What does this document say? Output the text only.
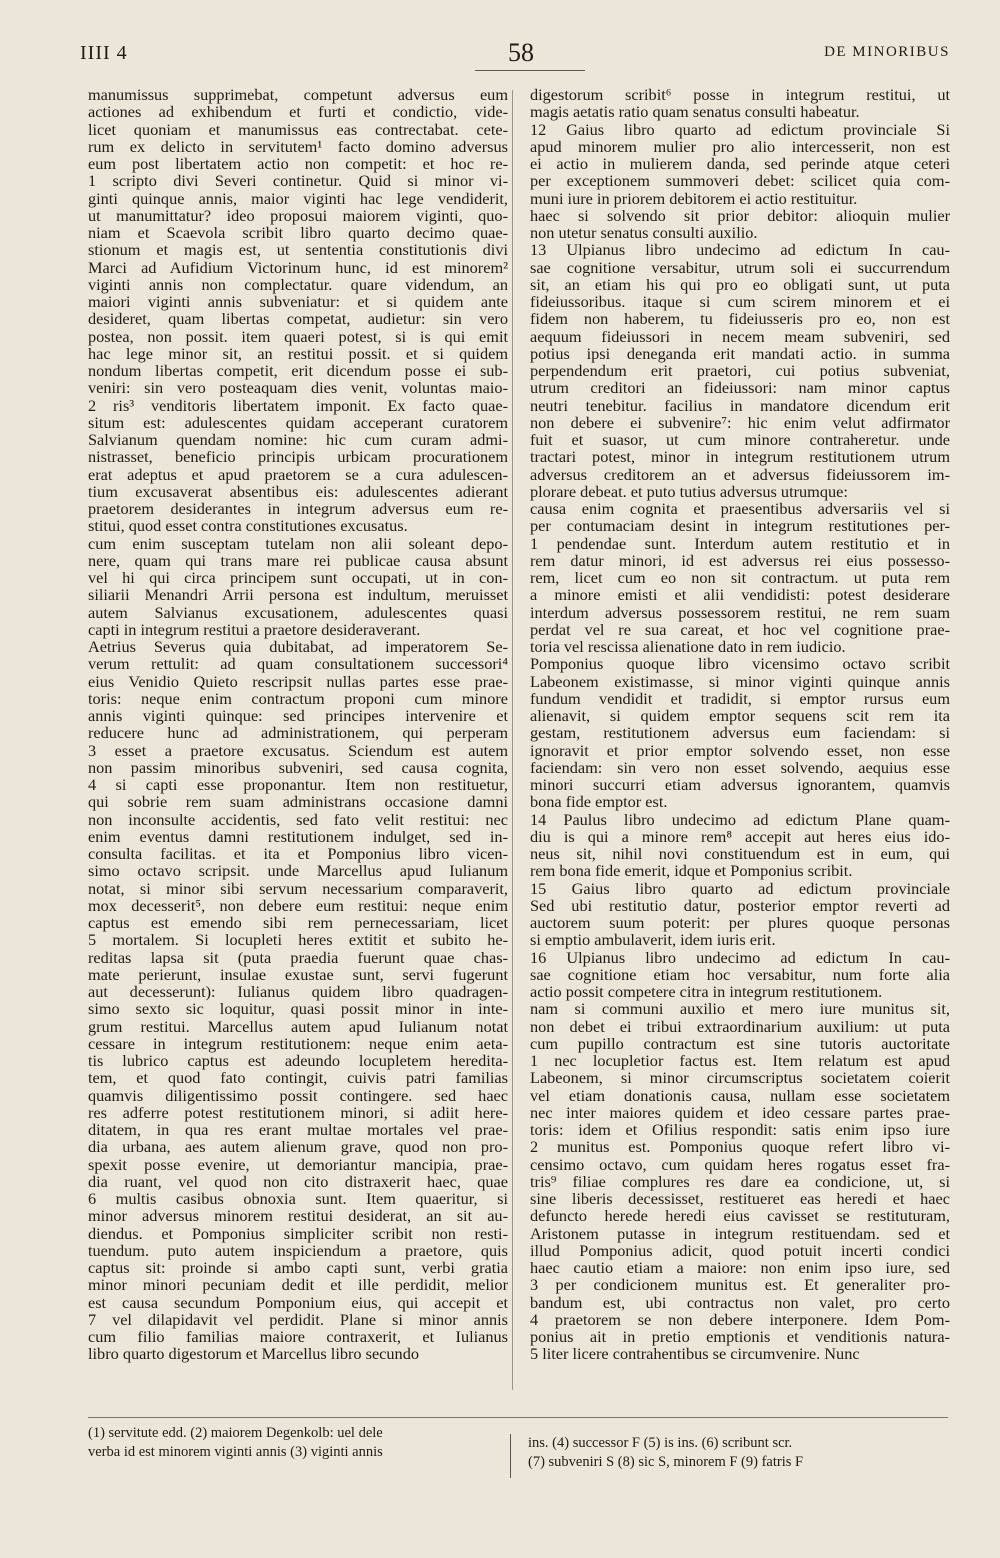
IIII 4	58	DE MINORIBUS
manumissus supprimebat, competunt adversus eum
actiones ad exhibendum et furti et condictio, vide-
licet quoniam et manumissus eas contrectabat. cete-
rum ex delicto in servitutem¹ facto domino adversus
eum post libertatem actio non competit: et hoc re-
1 scripto divi Severi continetur. Quid si minor vi-
ginti quinque annis, maior viginti hac lege vendiderit,
ut manumittatur? ideo proposui maiorem viginti, quo-
niam et Scaevola scribit libro quarto decimo quae-
stionum et magis est, ut sententia constitutionis divi
Marci ad Aufidium Victorinum hunc, id est minorem²
viginti annis non complectatur. quare videndum, an
maiori viginti annis subveniatur: et si quidem ante
desideret, quam libertas competat, audietur: sin vero
postea, non possit. item quaeri potest, si is qui emit
hac lege minor sit, an restitui possit. et si quidem
nondum libertas competit, erit dicendum posse ei sub-
veniri: sin vero posteaquam dies venit, voluntas maio-
2 ris³ venditoris libertatem imponit. Ex facto quae-
situm est: adulescentes quidam acceperant curatorem
Salvianum quendam nomine: hic cum curam admi-
nistrasset, beneficio principis urbicam procurationem
erat adeptus et apud praetorem se a cura adulescen-
tium excusaverat absentibus eis: adulescentes adierant
praetorem desiderantes in integrum adversus eum re-
stitui, quod esset contra constitutiones excusatus.
cum enim susceptam tutelam non alii soleant depo-
nere, quam qui trans mare rei publicae causa absunt
vel hi qui circa principem sunt occupati, ut in con-
siliarii Menandri Arrii persona est indultum, meruisset
autem Salvianus excusationem, adulescentes quasi
capti in integrum restitui a praetore desideraverant.
Aetrius Severus quia dubitabat, ad imperatorem Se-
verum rettulit: ad quam consultationem successori⁴
eius Venidio Quieto rescripsit nullas partes esse prae-
toris: neque enim contractum proponi cum minore
annis viginti quinque: sed principes intervenire et
reducere hunc ad administrationem, qui perperam
3 esset a praetore excusatus. Sciendum est autem
non passim minoribus subveniri, sed causa cognita,
4 si capti esse proponantur. Item non restituetur,
qui sobrie rem suam administrans occasione damni
non inconsulte accidentis, sed fato velit restitui: nec
enim eventus damni restitutionem indulget, sed in-
consulta facilitas. et ita et Pomponius libro vicen-
simo octavo scripsit. unde Marcellus apud Iulianum
notat, si minor sibi servum necessarium comparaverit,
mox decesserit⁵, non debere eum restitui: neque enim
captus est emendo sibi rem pernecessariam, licet
5 mortalem. Si locupleti heres extitit et subito he-
reditas lapsa sit (puta praedia fuerunt quae chas-
mate perierunt, insulae exustae sunt, servi fugerunt
aut decesserunt): Iulianus quidem libro quadragen-
simo sexto sic loquitur, quasi possit minor in inte-
grum restitui. Marcellus autem apud Iulianum notat
cessare in integrum restitutionem: neque enim aeta-
tis lubrico captus est adeundo locupletem heredita-
tem, et quod fato contingit, cuivis patri familias
quamvis diligentissimo possit contingere. sed haec
res adferre potest restitutionem minori, si adiit here-
ditatem, in qua res erant multae mortales vel prae-
dia urbana, aes autem alienum grave, quod non pro-
spexit posse evenire, ut demoriantur mancipia, prae-
dia ruant, vel quod non cito distraxerit haec, quae
6 multis casibus obnoxia sunt. Item quaeritur, si
minor adversus minorem restitui desiderat, an sit au-
diendus. et Pomponius simpliciter scribit non resti-
tuendum. puto autem inspiciendum a praetore, quis
captus sit: proinde si ambo capti sunt, verbi gratia
minor minori pecuniam dedit et ille perdidit, melior
est causa secundum Pomponium eius, qui accepit et
7 vel dilapidavit vel perdidit. Plane si minor annis
cum filio familias maiore contraxerit, et Iulianus
libro quarto digestorum et Marcellus libro secundo
digestorum scribit⁶ posse in integrum restitui, ut
magis aetatis ratio quam senatus consulti habeatur.
12 Gaius libro quarto ad edictum provinciale Si
apud minorem mulier pro alio intercesserit, non est
ei actio in mulierem danda, sed perinde atque ceteri
per exceptionem summoveri debet: scilicet quia com-
muni iure in priorem debitorem ei actio restituitur.
haec si solvendo sit prior debitor: alioquin mulier
non utetur senatus consulti auxilio.
13 Ulpianus libro undecimo ad edictum In cau-
sae cognitione versabitur, utrum soli ei succurrendum
sit, an etiam his qui pro eo obligati sunt, ut puta
fideiussoribus. itaque si cum scirem minorem et ei
fidem non haberem, tu fideiusseris pro eo, non est
aequum fideiussori in necem meam subveniri, sed
potius ipsi deneganda erit mandati actio. in summa
perpendendum erit praetori, cui potius subveniat,
utrum creditori an fideiussori: nam minor captus
neutri tenebitur. facilius in mandatore dicendum erit
non debere ei subvenire⁷: hic enim velut adfirmator
fuit et suasor, ut cum minore contraheretur. unde
tractari potest, minor in integrum restitutionem utrum
adversus creditorem an et adversus fideiussorem im-
plorare debeat. et puto tutius adversus utrumque:
causa enim cognita et praesentibus adversariis vel si
per contumaciam desint in integrum restitutiones per-
1 pendendae sunt. Interdum autem restitutio et in
rem datur minori, id est adversus rei eius possesso-
rem, licet cum eo non sit contractum. ut puta rem
a minore emisti et alii vendidisti: potest desiderare
interdum adversus possessorem restitui, ne rem suam
perdat vel re sua careat, et hoc vel cognitione prae-
toria vel rescissa alienatione dato in rem iudicio.
Pomponius quoque libro vicensimo octavo scribit
Labeonem existimasse, si minor viginti quinque annis
fundum vendidit et tradidit, si emptor rursus eum
alienavit, si quidem emptor sequens scit rem ita
gestam, restitutionem adversus eum faciendam: si
ignoravit et prior emptor solvendo esset, non esse
faciendam: sin vero non esset solvendo, aequius esse
minori succurri etiam adversus ignorantem, quamvis
bona fide emptor est.
14 Paulus libro undecimo ad edictum Plane quam-
diu is qui a minore rem⁸ accepit aut heres eius ido-
neus sit, nihil novi constituendum est in eum, qui
rem bona fide emerit, idque et Pomponius scribit.
15 Gaius libro quarto ad edictum provinciale
Sed ubi restitutio datur, posterior emptor reverti ad
auctorem suum poterit: per plures quoque personas
si emptio ambulaverit, idem iuris erit.
16 Ulpianus libro undecimo ad edictum In cau-
sae cognitione etiam hoc versabitur, num forte alia
actio possit competere citra in integrum restitutionem.
nam si communi auxilio et mero iure munitus sit,
non debet ei tribui extraordinarium auxilium: ut puta
cum pupillo contractum est sine tutoris auctoritate
1 nec locupletior factus est. Item relatum est apud
Labeonem, si minor circumscriptus societatem coierit
vel etiam donationis causa, nullam esse societatem
nec inter maiores quidem et ideo cessare partes prae-
toris: idem et Ofilius respondit: satis enim ipso iure
2 munitus est. Pomponius quoque refert libro vi-
censimo octavo, cum quidam heres rogatus esset fra-
tris⁹ filiae complures res dare ea condicione, ut, si
sine liberis decessisset, restitueret eas heredi et haec
defuncto herede heredi eius cavisset se restituturam,
Aristonem putasse in integrum restituendam. sed et
illud Pomponius adicit, quod potuit incerti condici
haec cautio etiam a maiore: non enim ipso iure, sed
3 per condicionem munitus est. Et generaliter pro-
bandum est, ubi contractus non valet, pro certo
4 praetorem se non debere interponere. Idem Pom-
ponius ait in pretio emptionis et venditionis natura-
5 liter licere contrahentibus se circumvenire. Nunc
(1) servitute edd. (2) maiorem Degenkolb: uel dele
verba id est minorem viginti annis (3) viginti annis
ins. (4) successor F (5) is ins. (6) scribunt scr.
(7) subveniri S (8) sic S, minorem F (9) fatris F
